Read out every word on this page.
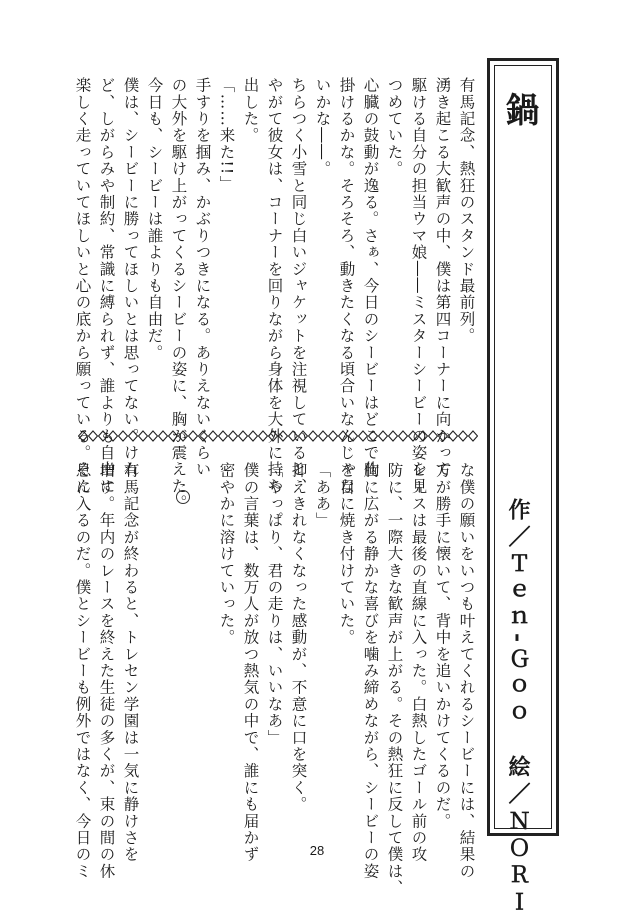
鍋
作／Ｔｅｎ‐Ｇｏｏ　絵／ＮＯＲＩ
有馬記念、熱狂のスタンド最前列。
湧き起こる大歓声の中、僕は第四コーナーに向かって
駆ける自分の担当ウマ娘――ミスターシービーの姿を見
つめていた。
心臓の鼓動が逸る。さぁ、今日のシービーはどこで仕
掛けるかな。そろそろ、動きたくなる頃合いなんじゃな
いかな――。
ちらつく小雪と同じ白いジャケットを注視していると、
やがて彼女は、コーナーを回りながら身体を大外に持ち
出した。
「……来た!!」
手すりを掴み、かぶりつきになる。ありえないくらい
の大外を駆け上がってくるシービーの姿に、胸が震えた。
今日も、シービーは誰よりも自由だ。
僕は、シービーに勝ってほしいとは思ってない。けれ
ど、しがらみや制約、常識に縛られず、誰よりも自由に
楽しく走っていてほしいと心の底から願っている。そん
な僕の願いをいつも叶えてくれるシービーには、結果の
方が勝手に懐いて、背中を追いかけてくるのだ。
レースは最後の直線に入った。白熱したゴール前の攻
防に、一際大きな歓声が上がる。その熱狂に反して僕は、
胸に広がる静かな喜びを噛み締めながら、シービーの姿
を目に焼き付けていた。
「ああ」
抑えきれなくなった感動が、不意に口を突く。
「やっぱり、君の走りは、いいなあ」
僕の言葉は、数万人が放つ熱気の中で、誰にも届かず
密やかに溶けていった。
有馬記念が終わると、トレセン学園は一気に静けさを
増す。年内のレースを終えた生徒の多くが、束の間の休
息に入るのだ。僕とシービーも例外ではなく、今日のミ	28
